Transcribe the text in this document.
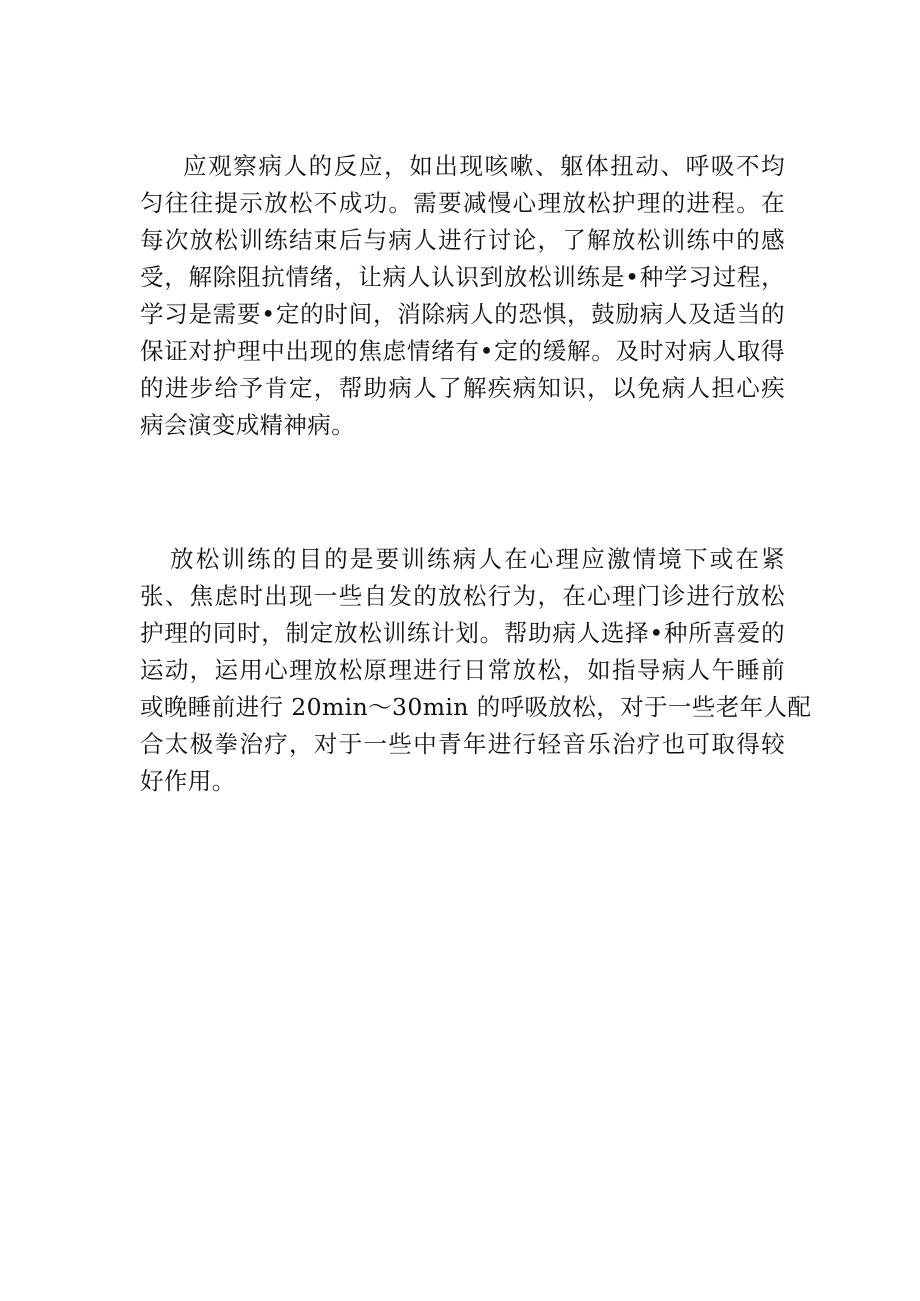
应观察病人的反应，如出现咳嗽、躯体扭动、呼吸不均
匀往往提示放松不成功。需要减慢心理放松护理的进程。在
每次放松训练结束后与病人进行讨论，了解放松训练中的感
受，解除阻抗情绪，让病人认识到放松训练是•种学习过程，
学习是需要•定的时间，消除病人的恐惧，鼓励病人及适当的
保证对护理中出现的焦虑情绪有•定的缓解。及时对病人取得
的进步给予肯定，帮助病人了解疾病知识，以免病人担心疾
病会演变成精神病。

放松训练的目的是要训练病人在心理应激情境下或在紧
张、焦虑时出现一些自发的放松行为，在心理门诊进行放松
护理的同时，制定放松训练计划。帮助病人选择•种所喜爱的
运动，运用心理放松原理进行日常放松，如指导病人午睡前
或晚睡前进行 20min～30min 的呼吸放松，对于一些老年人配
合太极拳治疗，对于一些中青年进行轻音乐治疗也可取得较
好作用。
